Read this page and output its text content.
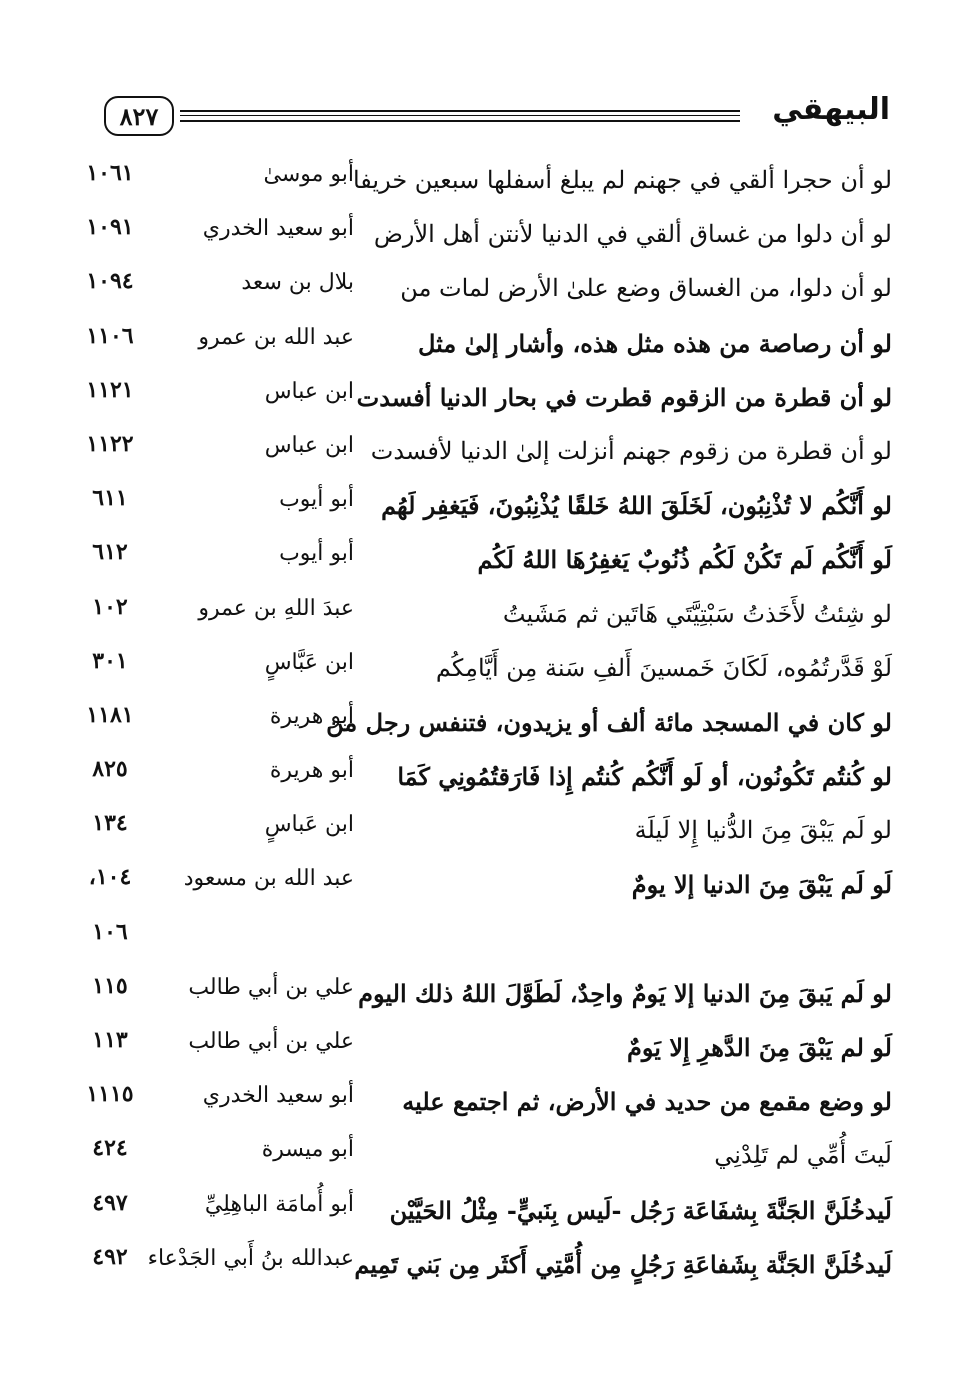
٨٢٧	البيهقي
لو أن حجرا ألقي في جهنم لم يبلغ أسفلها سبعين خريفا
أبو موسىٰ
١٠٦١
لو أن دلوا من غساق ألقي في الدنيا لأنتن أهل الأرض
أبو سعيد الخدري
١٠٩١
لو أن دلوا، من الغساق وضع علىٰ الأرض لمات من
بلال بن سعد
١٠٩٤
لو أن رصاصة من هذه مثل هذه، وأشار إلىٰ مثل
عبد الله بن عمرو
١١٠٦
لو أن قطرة من الزقوم قطرت في بحار الدنيا أفسدت
ابن عباس
١١٢١
لو أن قطرة من زقوم جهنم أنزلت إلىٰ الدنيا لأفسدت
ابن عباس
١١٢٢
لو أَنَّكُم لا تُذْنِبُون، لَخَلَقَ اللهُ خَلقًا يُذْنِبُونَ، فَيَغفِر لَهُم
أبو أيوب
٦١١
لَو أَنَّكُم لَم تَكُنْ لَكُم ذُنُوبٌ يَغفِرُهَا اللهُ لَكُم
أبو أيوب
٦١٢
لو شِئتُ لأَخَذتُ سَبْتِيَّتَي هَاتَين ثم مَشَيتُ
عبدَ اللهِ بن عمرو
١٠٢
لَوْ قَدَّرتُمُوه، لَكَانَ خَمسينَ أَلفِ سَنة مِن أَيَّامِكُم
ابن عَبَّاسٍ
٣٠١
لو كان في المسجد مائة ألف أو يزيدون، فتنفس رجل من
أبو هريرة
١١٨١
لو كُنتُم تَكُونُون، أو لَو أَنَّكُم كُنتُم إِذا فَارَقتُمُونِي كَمَا
أبو هريرة
٨٢٥
لو لَم يَبْقَ مِنَ الدُّنيا إِلا لَيلَة
ابن عَباسٍ
١٣٤
لَو لَم يَبْقَ مِنَ الدنيا إلا يومٌ
عبد الله بن مسعود
١٠٤،
١٠٦
لو لَم يَبقَ مِنَ الدنيا إلا يَومٌ واحِدٌ، لَطَوَّلَ اللهُ ذلك اليوم
علي بن أبي طالب
١١٥
لَو لم يَبْقَ مِنَ الدَّهرِ إِلا يَومٌ
علي بن أبي طالب
١١٣
لو وضع مقمع من حديد في الأرض، ثم اجتمع عليه
أبو سعيد الخدري
١١١٥
لَيتَ أُمِّي لم تَلِدْنِي
أبو ميسرة
٤٢٤
لَيدخُلَنَّ الجَنَّةَ بِشفَاعَة رَجُل -لَيس بِنَبيٍّ- مِثْلُ الحَيَّيْن
أبو أُمامَة الباهِلِيِّ
٤٩٧
لَيدخُلَنَّ الجَنَّة بِشَفاعَةِ رَجُلٍ مِن أُمَّتِي أَكثَر مِن بَني تَمِيم
عبدالله بنُ أَبي الجَدْعاء
٤٩٢
